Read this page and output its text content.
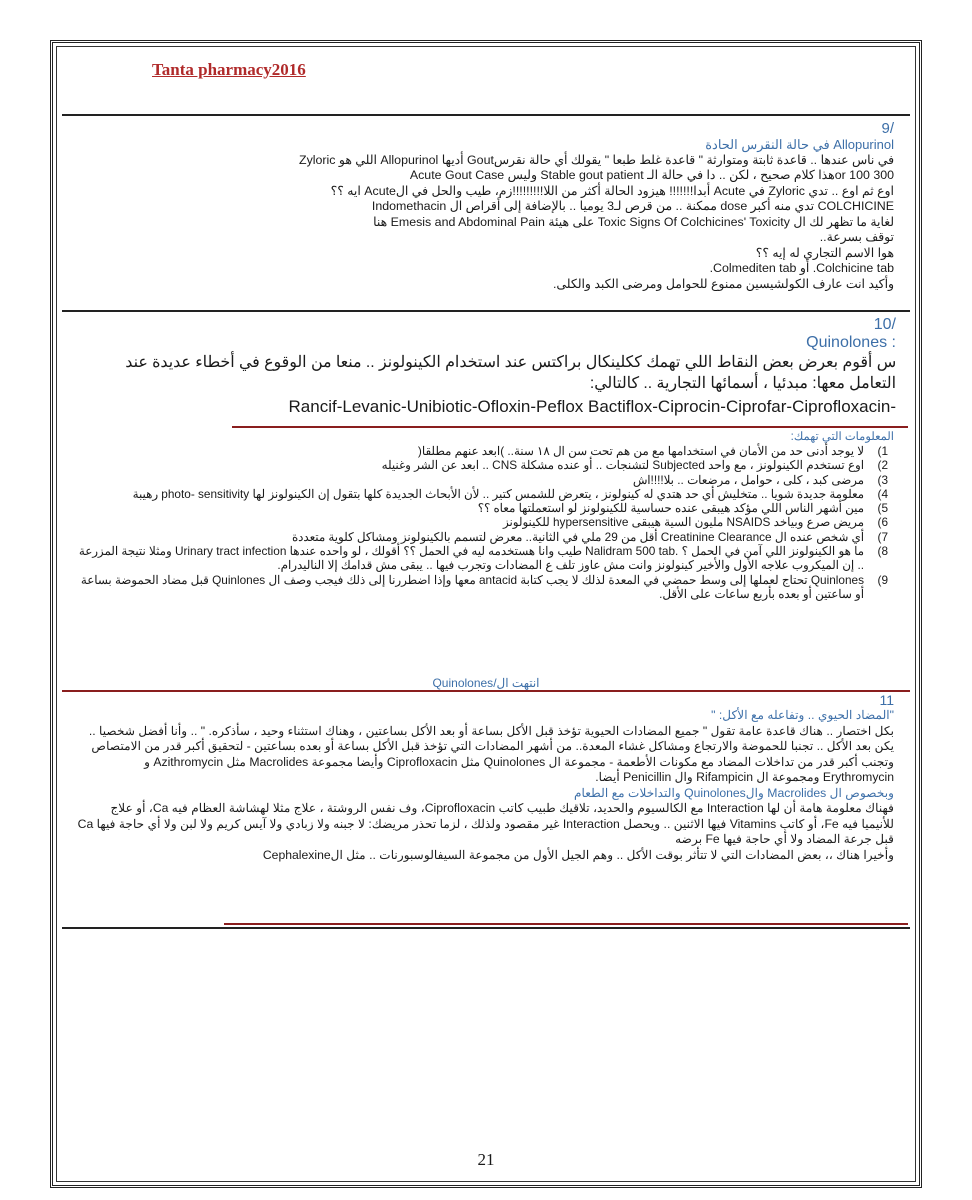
Tanta pharmacy2016
/9

Allopurinol في حالة النقرس الحادة

في ناس عندها .. قاعدة ثابتة ومتوارثة " قاعدة غلط طبعا " يقولك أي حالة نقرسGout أديها Allopurinol اللي هو Zyloric

300 or 100هذا كلام صحيح ، لكن .. دا في حالة الـ Stable gout patient وليس Acute Gout Case

اوع ثم اوع .. تدي Zyloric في Acute أبدا!!!!!!! هيزود الحالة أكثر من اللا!!!!!!!!!زم، طيب والحل في الAcute ايه ؟؟

COLCHICINE تدي منه أكبر dose ممكنة .. من قرص لـ3 يوميا .. بالإضافة إلى أقراص ال Indomethacin

لغاية ما تظهر لك ال Toxic Signs Of Colchicines' Toxicity على هيئة Emesis and Abdominal Pain هنا

توقف بسرعة..

هوا الاسم التجاري له إيه ؟؟

Colchicine tab. أو Colmediten tab.

وأكيد انت عارف الكولشيسين ممنوع للحوامل ومرضى الكبد والكلى.

/10
: Quinolones

س أقوم بعرض بعض النقاط اللي تهمك ككلينكال براكتس عند استخدام الكينولونز .. منعا من الوقوع في أخطاء عديدة عند التعامل معها: مبدئيا ، أسمائها التجارية .. كالتالي:

Rancif-Levanic-Unibiotic-Ofloxin-Peflox Bactiflox-Ciprocin-Ciprofar-Ciprofloxacin-

المعلومات التي تهمك:

1)
لا يوجد أدنى حد من الأمان في استخدامها مع من هم تحت سن ال ١٨ سنة.. )ابعد عنهم مطلقا(
2)
اوع تستخدم الكينولونز ، مع واحد Subjected لتشنجات .. أو عنده مشكلة CNS .. ابعد عن الشر وغنيله
3)
مرضى كبد ، كلى ، حوامل ، مرضعات .. بلا!!!!اش
4)
معلومة جديدة شويا .. متخليش أي حد هتدي له كينولونز ، يتعرض للشمس كتير .. لأن الأبحاث الجديدة كلها بتقول إن الكينولونز لها photo- sensitivity رهيبة
5)
مين أشهر الناس اللي مؤكد هيبقى عنده حساسية للكينولونز لو استعملتها معاه ؟؟
6)
مريض صرع وبياخد NSAIDS مليون السية هيبقى hypersensitive للكينولونز
7)
أي شخص عنده ال Creatinine Clearance أقل من 29 ملي في الثانية.. معرض لتسمم بالكينولونز ومشاكل كلوية متعددة
8)
ما هو الكينولونز اللي آمن في الحمل ؟ .Nalidram 500 tab طيب وانا هستخدمه ليه في الحمل ؟؟ أقولك ، لو واحده عندها Urinary tract infection ومثلا نتيجة المزرعة .. إن الميكروب علاجه الأول والأخير كينولونز وانت مش عاوز تلف ع المضادات وتجرب فيها .. يبقى مش قدامك إلا الناليدرام.
9)
Quinlones تحتاج لعملها إلى وسط حمضي في المعدة لذلك لا يجب كتابة antacid معها وإذا اضطررنا إلى ذلك فيجب وصف ال Quinlones قبل مضاد الحموضة بساعة أو ساعتين أو بعده بأربع ساعات على الأقل.
انتهت ال/Quinolones
11

"المضاد الحيوي .. وتفاعله مع الأكل: "

بكل اختصار .. هناك قاعدة عامة تقول " جميع المضادات الحيوية تؤخذ قبل الأكل بساعة أو بعد الأكل بساعتين ، وهناك استثناء وحيد ، سأذكره. " .. وأنا أفضل شخصيا .. يكن بعد الأكل .. تجنبا للحموضة والارتجاع ومشاكل غشاء المعدة.. من أشهر المضادات التي تؤخذ قبل الأكل بساعة أو بعده بساعتين - لتحقيق أكبر قدر من الامتصاص وتجنب أكبر قدر من تداخلات المضاد مع مكونات الأطعمة - مجموعة ال Quinolones مثل Ciprofloxacin وأيضا مجموعة Macrolides مثل Azithromycin و Erythromycin ومجموعة ال Rifampicin وال Penicillin أيضا.

وبخصوص ال Macrolides والQuinolones والتداخلات مع الطعام

فهناك معلومة هامة أن لها Interaction مع الكالسيوم والحديد، تلاقيك طبيب كاتب Ciprofloxacin، وف نفس الروشتة ، علاج مثلا لهشاشة العظام فيه Ca، أو علاج للأنيميا فيه Fe، أو كاتب Vitamins فيها الاثنين .. ويحصل Interaction غير مقصود ولذلك ، لزما تحذر مريضك: لا جبنه ولا زبادي ولا آيس كريم ولا لبن ولا أي حاجة فيها Ca قبل جرعة المضاد ولا أي حاجة فيها Fe برضه

وأخيرا هناك ،، بعض المضادات التي لا تتأثر بوقت الأكل .. وهم الجيل الأول من مجموعة السيفالوسبورنات .. مثل الCephalexine

21
